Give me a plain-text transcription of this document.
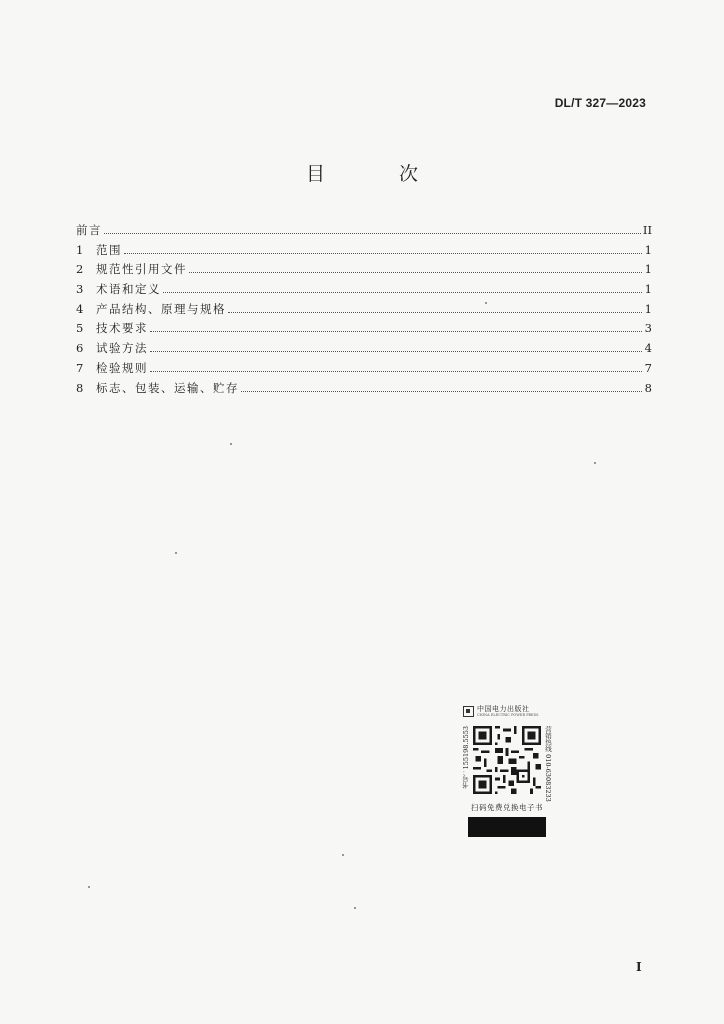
DL/T 327—2023
目 次
前言	II
1	范围	1
2	规范性引用文件	1
3	术语和定义	1
4	产品结构、原理与规格	1
5	技术要求	3
6	试验方法	4
7	检验规则	7
8	标志、包装、运输、贮存	8
中国电力出版社
CHINA ELECTRIC POWER PRESS
书号：155198.5553	营销热线 010-63083233
扫码免费兑换电子书
I
